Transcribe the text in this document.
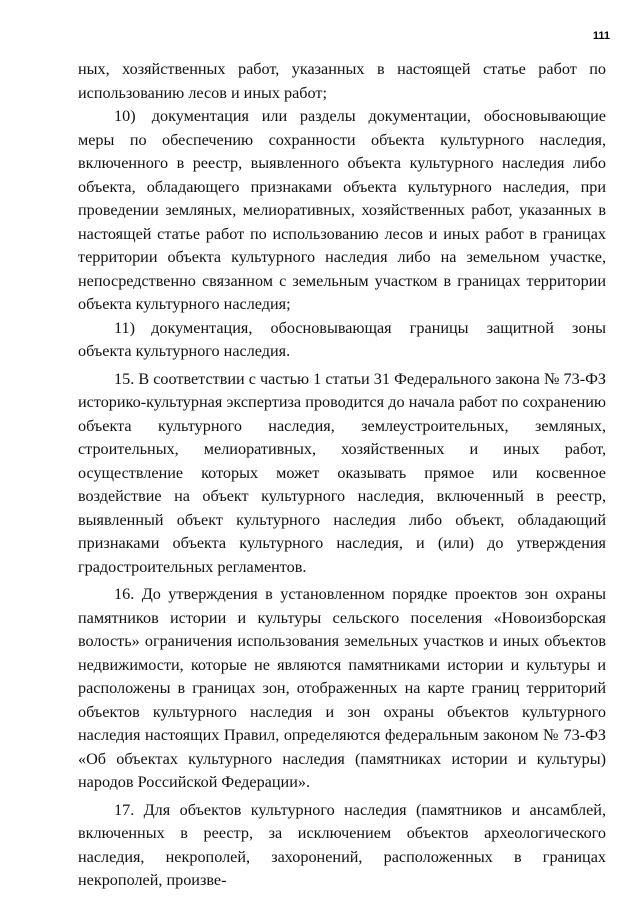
111

ных, хозяйственных работ, указанных в настоящей статье работ по использованию лесов и иных работ;

10) документация или разделы документации, обосновывающие меры по обеспечению сохранности объекта культурного наследия, включенного в реестр, выявленного объекта культурного наследия либо объекта, обладающего признаками объекта культурного наследия, при проведении земляных, мелиоративных, хозяйственных работ, указанных в настоящей статье работ по использованию лесов и иных работ в границах территории объекта культурного наследия либо на земельном участке, непосредственно связанном с земельным участком в границах территории объекта культурного наследия;

11) документация, обосновывающая границы защитной зоны объекта культурного наследия.

15. В соответствии с частью 1 статьи 31 Федерального закона № 73-ФЗ историко-культурная экспертиза проводится до начала работ по сохранению объекта культурного наследия, землеустроительных, земляных, строительных, мелиоративных, хозяйственных и иных работ, осуществление которых может оказывать прямое или косвенное воздействие на объект культурного наследия, включенный в реестр, выявленный объект культурного наследия либо объект, обладающий признаками объекта культурного наследия, и (или) до утверждения градостроительных регламентов.

16. До утверждения в установленном порядке проектов зон охраны памятников истории и культуры сельского поселения «Новоизборская волость» ограничения использования земельных участков и иных объектов недвижимости, которые не являются памятниками истории и культуры и расположены в границах зон, отображенных на карте границ территорий объектов культурного наследия и зон охраны объектов культурного наследия настоящих Правил, определяются федеральным законом № 73-ФЗ «Об объектах культурного наследия (памятниках истории и культуры) народов Российской Федерации».

17. Для объектов культурного наследия (памятников и ансамблей, включенных в реестр, за исключением объектов археологического наследия, некрополей, захоронений, расположенных в границах некрополей, произве-
